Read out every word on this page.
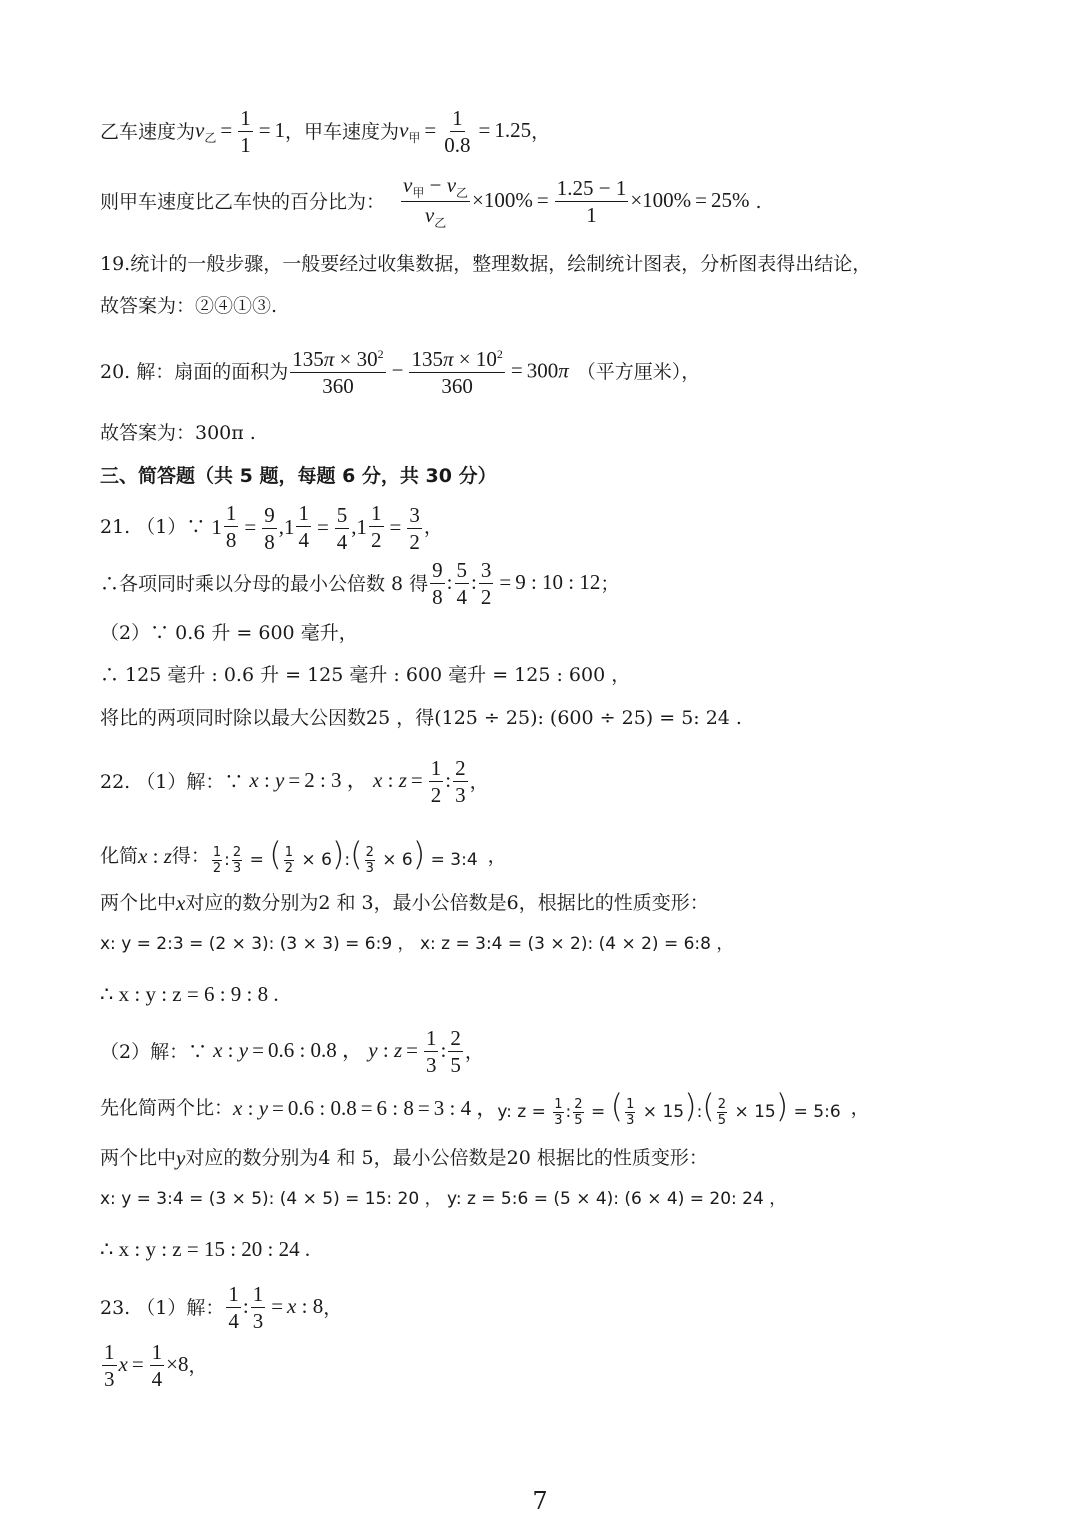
乙车速度为 $v_乙 = \frac{1}{1} = 1$ ，甲车速度为 $v_甲 = \frac{1}{0.8} = 1.25$ ，
则甲车速度比乙车快的百分比为： $\frac{v_甲 - v_乙}{v_乙} \times 100\% = \frac{1.25 - 1}{1} \times 100\% = 25\%$ .
19.统计的一般步骤，一般要经过收集数据，整理数据，绘制统计图表，分析图表得出结论，
故答案为：②④①③.
20. 解：扇面的面积为 $\frac{135\pi \times 30^2}{360} - \frac{135\pi \times 10^2}{360} = 300\pi$ （平方厘米），
故答案为：300π .
三、简答题（共 5 题，每题 6 分，共 30 分）
21. （1）∵ $1 \frac{1}{8} = \frac{9}{8} ,1 \frac{1}{4} = \frac{5}{4} ,1 \frac{1}{2} = \frac{3}{2}$ ，
∴各项同时乘以分母的最小公倍数 8 得 $\frac{9}{8}$ : $\frac{5}{4}$ : $\frac{3}{2} = 9$ : 10 : 12 ；
（2）∵ 0.6 升 = 600 毫升，
∴ 125 毫升 : 0.6 升 = 125 毫升 : 600 毫升 = 125 : 600 ，
将比的两项同时除以最大公因数25 ，得(125 ÷ 25): (600 ÷ 25) = 5: 24 .
22. （1）解：∵ x : y = 2 : 3 ， x : $z = \frac{1}{2}$ : $\frac{2}{3}$ ，
化简 x : z 得： $\frac{1}{2}$ : $\frac{2}{3}$ = ( $\frac{1}{2}$ × 6):( $\frac{2}{3} \times 6$) = 3:4 ，
两个比中 x 对应的数分别为2 和 3，最小公倍数是6，根据比的性质变形：
x: y = 2:3 = (2 × 3): (3 × 3) = 6:9 ， x: z = 3:4 = (3 × 2): (4 × 2) = 6:8 ，
∴ x : y : z = 6 : 9 : 8 .
（2）解：∵ x : y = 0.6 : 0.8 ， y : $z = \frac{1}{3}$ : $\frac{2}{5}$ ，
先化简两个比： x : y = 0.6 : 0.8 = 6 : 8 = 3 : 4 ， y: $z = \frac{1}{3}$ : $\frac{2}{5}$ = ( $\frac{1}{3}$ × 15):( $\frac{2}{5} \times 15$) = 5:6 ，
两个比中 y 对应的数分别为4 和 5，最小公倍数是20 根据比的性质变形：
x: y = 3:4 = (3 × 5): (4 × 5) = 15: 20 ， y: z = 5:6 = (5 × 4): (6 × 4) = 20: 24 ，
∴ x : y : z = 15 : 20 : 24 .
23. （1）解： $\frac{1}{4}$ : $\frac{1}{3} = x$ : 8 ，
$\frac{1}{3}$ $x = \frac{1}{4} \times 8$ ，
7
